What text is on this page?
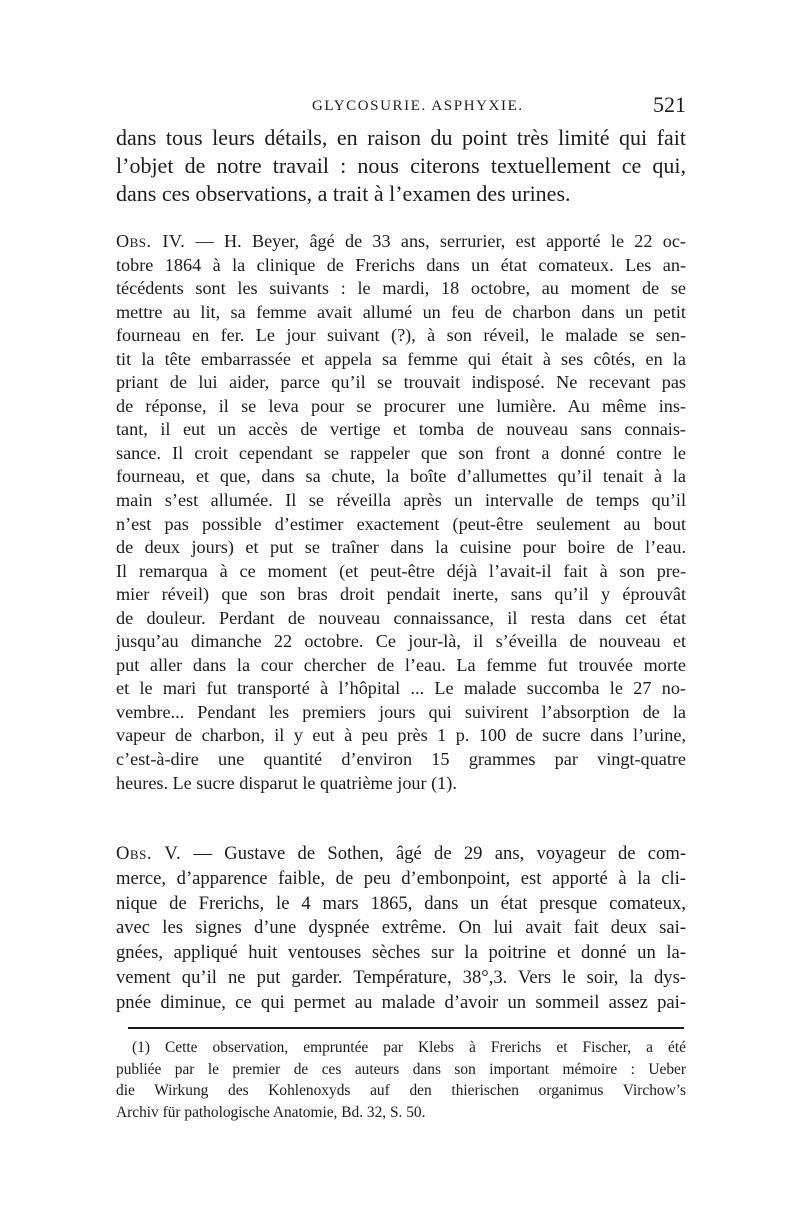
GLYCOSURIE. ASPHYXIE.	521
dans tous leurs détails, en raison du point très limité qui fait
l’objet de notre travail : nous citerons textuellement ce qui,
dans ces observations, a trait à l’examen des urines.
Obs. IV. — H. Beyer, âgé de 33 ans, serrurier, est apporté le 22 oc-
tobre 1864 à la clinique de Frerichs dans un état comateux. Les an-
técédents sont les suivants : le mardi, 18 octobre, au moment de se
mettre au lit, sa femme avait allumé un feu de charbon dans un petit
fourneau en fer. Le jour suivant (?), à son réveil, le malade se sen-
tit la tête embarrassée et appela sa femme qui était à ses côtés, en la
priant de lui aider, parce qu’il se trouvait indisposé. Ne recevant pas
de réponse, il se leva pour se procurer une lumière. Au même ins-
tant, il eut un accès de vertige et tomba de nouveau sans connais-
sance. Il croit cependant se rappeler que son front a donné contre le
fourneau, et que, dans sa chute, la boîte d’allumettes qu’il tenait à la
main s’est allumée. Il se réveilla après un intervalle de temps qu’il
n’est pas possible d’estimer exactement (peut-être seulement au bout
de deux jours) et put se traîner dans la cuisine pour boire de l’eau.
Il remarqua à ce moment (et peut-être déjà l’avait-il fait à son pre-
mier réveil) que son bras droit pendait inerte, sans qu’il y éprouvât
de douleur. Perdant de nouveau connaissance, il resta dans cet état
jusqu’au dimanche 22 octobre. Ce jour-là, il s’éveilla de nouveau et
put aller dans la cour chercher de l’eau. La femme fut trouvée morte
et le mari fut transporté à l’hôpital ... Le malade succomba le 27 no-
vembre... Pendant les premiers jours qui suivirent l’absorption de la
vapeur de charbon, il y eut à peu près 1 p. 100 de sucre dans l’urine,
c’est-à-dire une quantité d’environ 15 grammes par vingt-quatre
heures. Le sucre disparut le quatrième jour (1).
Obs. V. — Gustave de Sothen, âgé de 29 ans, voyageur de com-
merce, d’apparence faible, de peu d’embonpoint, est apporté à la cli-
nique de Frerichs, le 4 mars 1865, dans un état presque comateux,
avec les signes d’une dyspnée extrême. On lui avait fait deux sai-
gnées, appliqué huit ventouses sèches sur la poitrine et donné un la-
vement qu’il ne put garder. Température, 38°,3. Vers le soir, la dys-
pnée diminue, ce qui permet au malade d’avoir un sommeil assez pai-
(1) Cette observation, empruntée par Klebs à Frerichs et Fischer, a été
publiée par le premier de ces auteurs dans son important mémoire : Ueber
die Wirkung des Kohlenoxyds auf den thierischen organimus Virchow’s
Archiv für pathologische Anatomie, Bd. 32, S. 50.
